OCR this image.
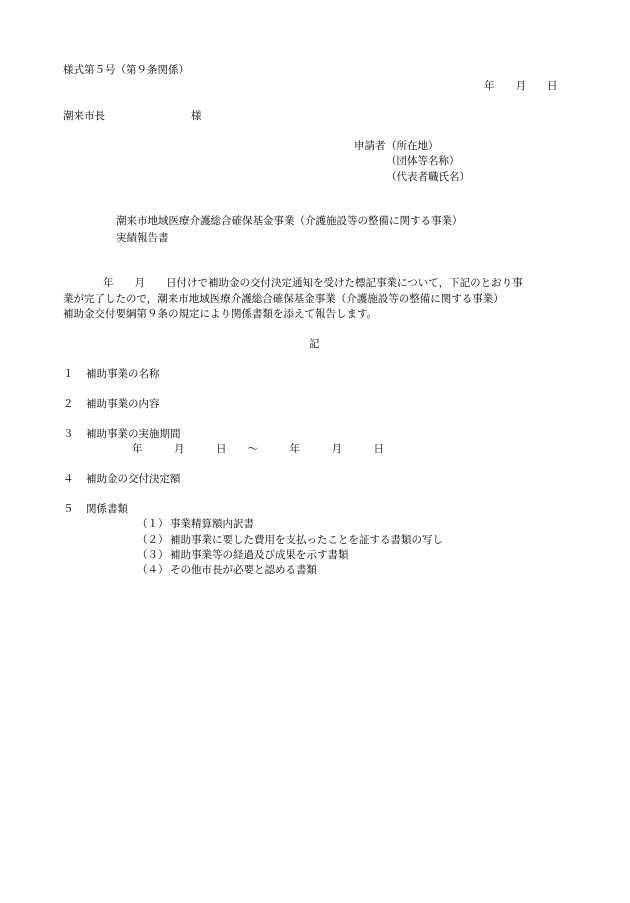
様式第５号（第９条関係）
年　　月　　日
潮来市長	様
申請者 （所在地）
（団体等名称）
（代表者職氏名）
潮来市地域医療介護総合確保基金事業（介護施設等の整備に関する事業）
実績報告書
年　　月　　日付けで補助金の交付決定通知を受けた標記事業について，下記のとおり事
業が完了したので，潮来市地域医療介護総合確保基金事業（介護施設等の整備に関する事業）
補助金交付要綱第９条の規定により関係書類を添えて報告します。
記
１ 補助事業の名称
２ 補助事業の内容
３ 補助事業の実施期間
年　　　月　　　日　　～　　　年　　　月　　　日
４ 補助金の交付決定額
５ 関係書類
（１） 事業精算額内訳書
（２） 補助事業に要した費用を支払ったことを証する書類の写し
（３） 補助事業等の経過及び成果を示す書類
（４） その他市長が必要と認める書類
